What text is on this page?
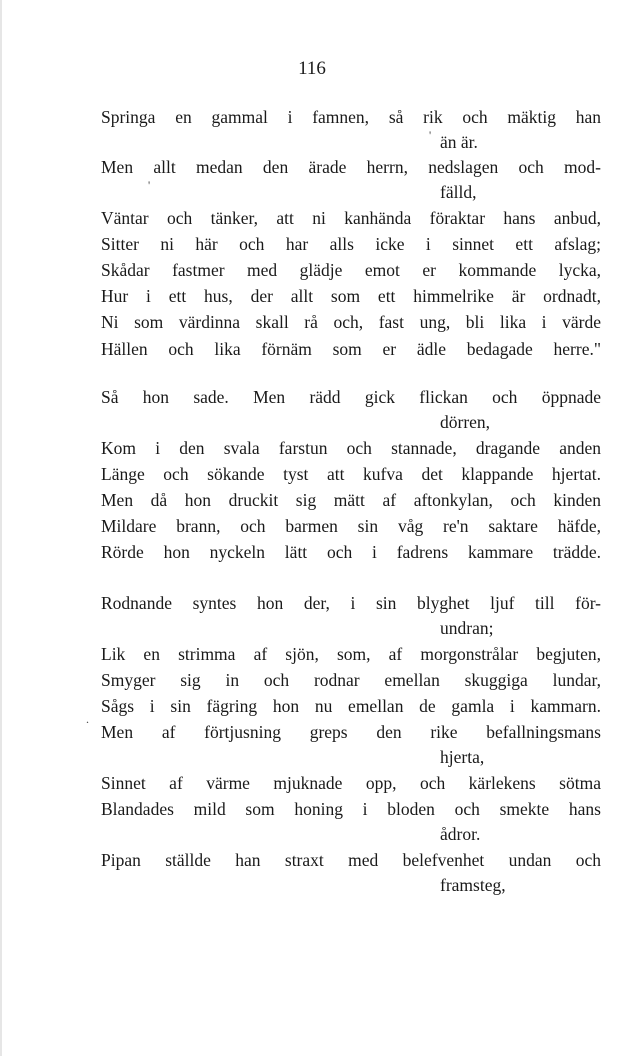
116
Springa en gammal i famnen, så rik och mäktig han
än är.
Men allt medan den ärade herrn, nedslagen och mod-
fälld,
Väntar och tänker, att ni kanhända föraktar hans anbud,
Sitter ni här och har alls icke i sinnet ett afslag;
Skådar fastmer med glädje emot er kommande lycka,
Hur i ett hus, der allt som ett himmelrike är ordnadt,
Ni som värdinna skall rå och, fast ung, bli lika i värde
Hällen och lika förnäm som er ädle bedagade herre."
Så hon sade. Men rädd gick flickan och öppnade
dörren,
Kom i den svala farstun och stannade, dragande anden
Länge och sökande tyst att kufva det klappande hjertat.
Men då hon druckit sig mätt af aftonkylan, och kinden
Mildare brann, och barmen sin våg re'n saktare häfde,
Rörde hon nyckeln lätt och i fadrens kammare trädde.
Rodnande syntes hon der, i sin blyghet ljuf till för-
undran;
Lik en strimma af sjön, som, af morgonstrålar begjuten,
Smyger sig in och rodnar emellan skuggiga lundar,
Sågs i sin fägring hon nu emellan de gamla i kammarn.
Men af förtjusning greps den rike befallningsmans
hjerta,
Sinnet af värme mjuknade opp, och kärlekens sötma
Blandades mild som honing i bloden och smekte hans
ådror.
Pipan ställde han straxt med belefvenhet undan och
framsteg,
'
'
.
